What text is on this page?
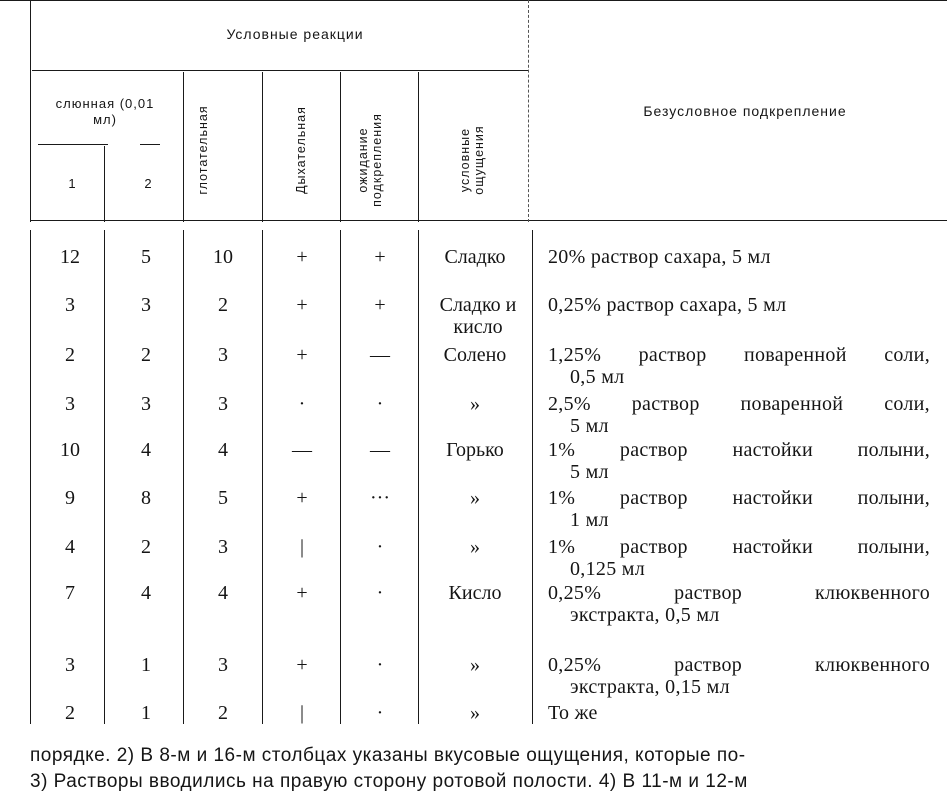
Условные реакции
слюнная (0,01 мл)
1	2	глотательная	Дыхательная	ожидание подкрепления	условные ощущения
Безусловное подкрепление
12	5	10	+	+	Сладко	20% раствор сахара, 5 мл
3	3	2	+	+	Сладко и кисло
0,25% раствор сахара, 5 мл
2	2	3	+	—	Солено	1,25% раствор поваренной соли,
0,5 мл
3	3	3	·	·	»	2,5% раствор поваренной соли,
5 мл
10	4	4	—	—	Горько	1% раствор настойки полыни,
5 мл
9	8	5	+	···	»	1% раствор настойки полыни,
1 мл
4	2	3	|	·	»	1% раствор настойки полыни,
0,125 мл
7	4	4	+	·	Кисло	0,25% раствор клюквенного
экстракта, 0,5 мл
3	1	3	+	·	»	0,25% раствор клюквенного
экстракта, 0,15 мл
2	1	2	|	·	»	То же
порядке. 2) В 8-м и 16-м столбцах указаны вкусовые ощущения, которые по-
3) Растворы вводились на правую сторону ротовой полости. 4) В 11-м и 12-м
